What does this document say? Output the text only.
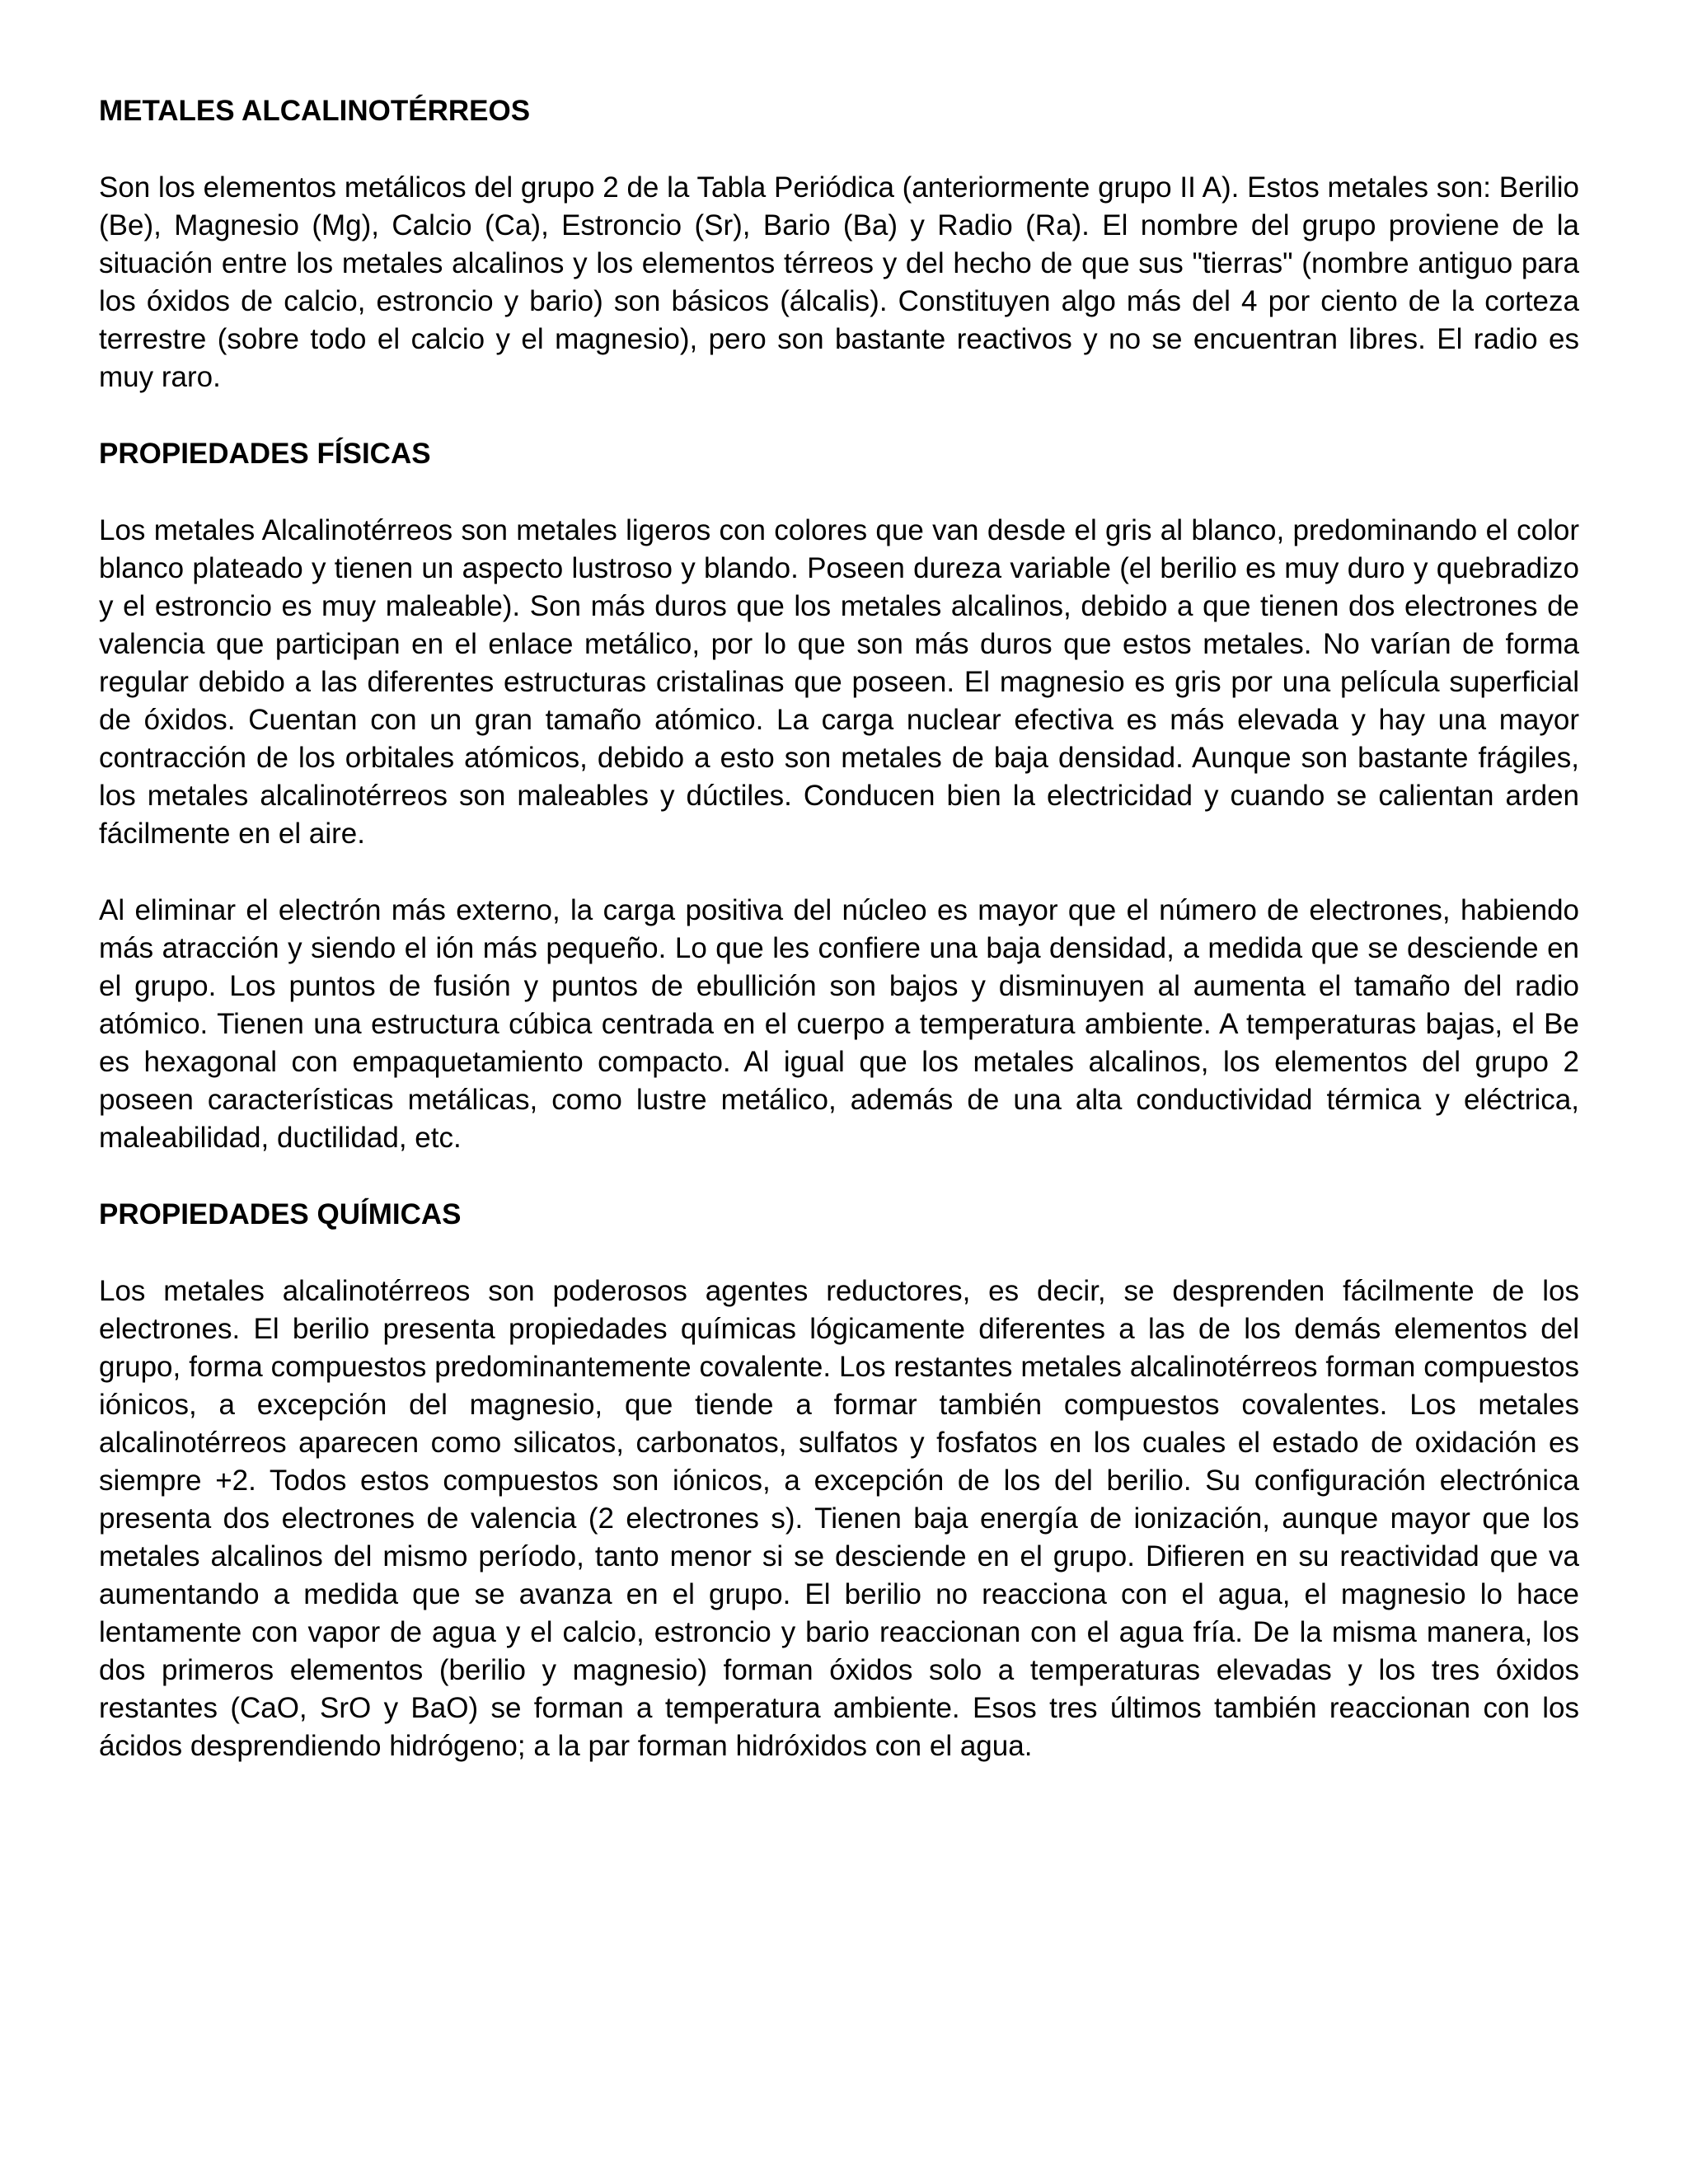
METALES ALCALINOTÉRREOS

Son los elementos metálicos del grupo 2 de la Tabla Periódica (anteriormente grupo II A). Estos metales son: Berilio (Be), Magnesio (Mg), Calcio (Ca), Estroncio (Sr), Bario (Ba) y Radio (Ra). El nombre del grupo proviene de la situación entre los metales alcalinos y los elementos térreos y del hecho de que sus "tierras" (nombre antiguo para los óxidos de calcio, estroncio y bario) son básicos (álcalis). Constituyen algo más del 4 por ciento de la corteza terrestre (sobre todo el calcio y el magnesio), pero son bastante reactivos y no se encuentran libres. El radio es muy raro.

PROPIEDADES FÍSICAS

Los metales Alcalinotérreos son metales ligeros con colores que van desde el gris al blanco, predominando el color blanco plateado y tienen un aspecto lustroso y blando. Poseen dureza variable (el berilio es muy duro y quebradizo y el estroncio es muy maleable). Son más duros que los metales alcalinos, debido a que tienen dos electrones de valencia que participan en el enlace metálico, por lo que son más duros que estos metales. No varían de forma regular debido a las diferentes estructuras cristalinas que poseen. El magnesio es gris por una película superficial de óxidos. Cuentan con un gran tamaño atómico. La carga nuclear efectiva es más elevada y hay una mayor contracción de los orbitales atómicos, debido a esto son metales de baja densidad. Aunque son bastante frágiles, los metales alcalinotérreos son maleables y dúctiles. Conducen bien la electricidad y cuando se calientan arden fácilmente en el aire.

Al eliminar el electrón más externo, la carga positiva del núcleo es mayor que el número de electrones, habiendo más atracción y siendo el ión más pequeño. Lo que les confiere una baja densidad, a medida que se desciende en el grupo. Los puntos de fusión y puntos de ebullición son bajos y disminuyen al aumenta el tamaño del radio atómico. Tienen una estructura cúbica centrada en el cuerpo a temperatura ambiente. A temperaturas bajas, el Be es hexagonal con empaquetamiento compacto. Al igual que los metales alcalinos, los elementos del grupo 2 poseen características metálicas, como lustre metálico, además de una alta conductividad térmica y eléctrica, maleabilidad, ductilidad, etc.

PROPIEDADES QUÍMICAS

Los metales alcalinotérreos son poderosos agentes reductores, es decir, se desprenden fácilmente de los electrones. El berilio presenta propiedades químicas lógicamente diferentes a las de los demás elementos del grupo, forma compuestos predominantemente covalente. Los restantes metales alcalinotérreos forman compuestos iónicos, a excepción del magnesio, que tiende a formar también compuestos covalentes. Los metales alcalinotérreos aparecen como silicatos, carbonatos, sulfatos y fosfatos en los cuales el estado de oxidación es siempre +2. Todos estos compuestos son iónicos, a excepción de los del berilio. Su configuración electrónica presenta dos electrones de valencia (2 electrones s). Tienen baja energía de ionización, aunque mayor que los metales alcalinos del mismo período, tanto menor si se desciende en el grupo. Difieren en su reactividad que va aumentando a medida que se avanza en el grupo. El berilio no reacciona con el agua, el magnesio lo hace lentamente con vapor de agua y el calcio, estroncio y bario reaccionan con el agua fría. De la misma manera, los dos primeros elementos (berilio y magnesio) forman óxidos solo a temperaturas elevadas y los tres óxidos restantes (CaO, SrO y BaO) se forman a temperatura ambiente. Esos tres últimos también reaccionan con los ácidos desprendiendo hidrógeno; a la par forman hidróxidos con el agua.
